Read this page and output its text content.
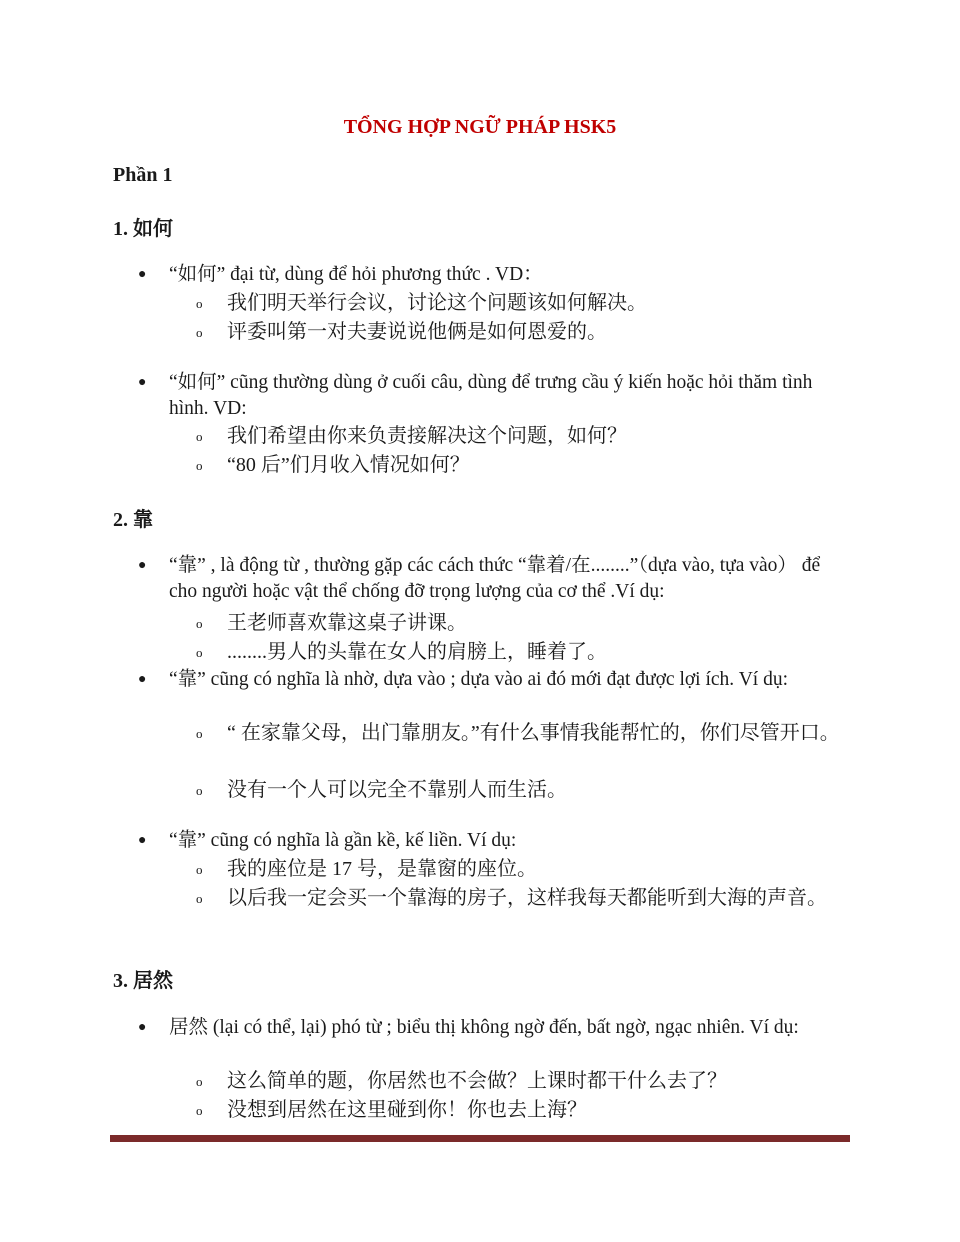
TỔNG HỢP NGỮ PHÁP HSK5
Phần 1
1. 如何
●	“如何” đại từ, dùng để hỏi phương thức . VD：
o 我们明天举行会议，讨论这个问题该如何解决。
o 评委叫第一对夫妻说说他俩是如何恩爱的。
●	“如何” cũng thường dùng ở cuối câu, dùng để trưng cầu ý kiến hoặc hỏi thăm tình hình. VD:
o 我们希望由你来负责接解决这个问题，如何？
o “80 后”们月收入情况如何？
2. 靠
●	“靠” , là động từ , thường gặp các cách thức “靠着/在........”（dựa vào, tựa vào） để cho người hoặc vật thể chống đỡ trọng lượng của cơ thể .Ví dụ:
o 王老师喜欢靠这桌子讲课。
o ........男人的头靠在女人的肩膀上，睡着了。
●	“靠” cũng có nghĩa là nhờ, dựa vào ; dựa vào ai đó mới đạt được lợi ích. Ví dụ:
o “ 在家靠父母，出门靠朋友。”有什么事情我能帮忙的，你们尽管开口。
o 没有一个人可以完全不靠别人而生活。
●	“靠” cũng có nghĩa là gần kề, kế liền. Ví dụ:
o 我的座位是 17 号，是靠窗的座位。
o 以后我一定会买一个靠海的房子，这样我每天都能听到大海的声音。
3. 居然
●	居然 (lại có thể, lại) phó từ ; biểu thị không ngờ đến, bất ngờ, ngạc nhiên. Ví dụ:
o 这么简单的题，你居然也不会做？上课时都干什么去了？
o 没想到居然在这里碰到你！你也去上海？
